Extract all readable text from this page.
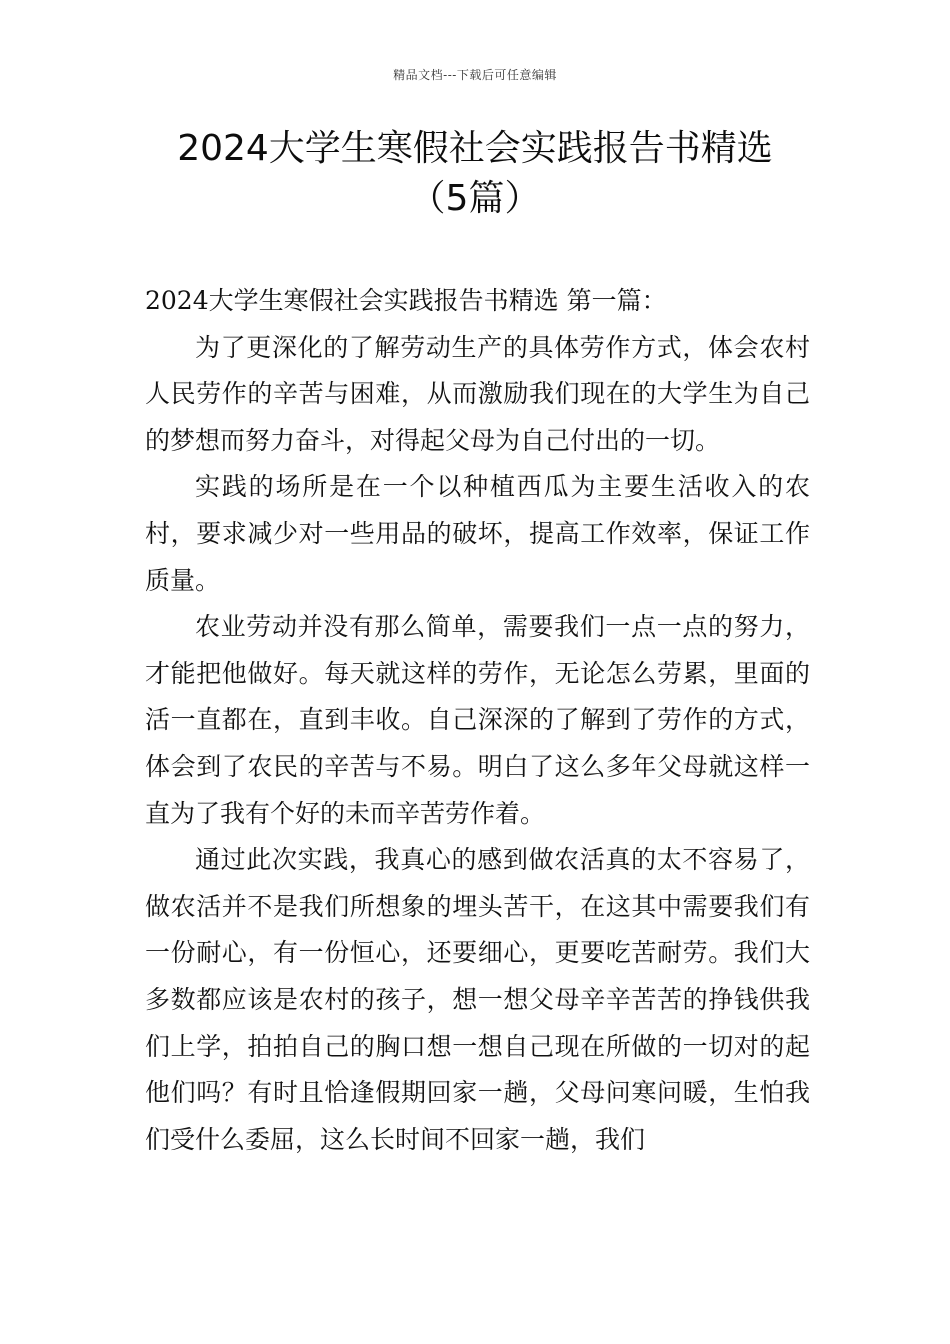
精品文档---下载后可任意编辑
2024大学生寒假社会实践报告书精选
（5篇）

2024大学生寒假社会实践报告书精选 第一篇：

为了更深化的了解劳动生产的具体劳作方式，体会农村人民劳作的辛苦与困难，从而激励我们现在的大学生为自己的梦想而努力奋斗，对得起父母为自己付出的一切。

实践的场所是在一个以种植西瓜为主要生活收入的农村，要求减少对一些用品的破坏，提高工作效率，保证工作质量。

农业劳动并没有那么简单，需要我们一点一点的努力，才能把他做好。每天就这样的劳作，无论怎么劳累，里面的活一直都在，直到丰收。自己深深的了解到了劳作的方式，体会到了农民的辛苦与不易。明白了这么多年父母就这样一直为了我有个好的未而辛苦劳作着。

通过此次实践，我真心的感到做农活真的太不容易了，做农活并不是我们所想象的埋头苦干，在这其中需要我们有一份耐心，有一份恒心，还要细心，更要吃苦耐劳。我们大多数都应该是农村的孩子，想一想父母辛辛苦苦的挣钱供我们上学，拍拍自己的胸口想一想自己现在所做的一切对的起他们吗？有时且恰逢假期回家一趟，父母问寒问暖，生怕我们受什么委屈，这么长时间不回家一趟，我们
